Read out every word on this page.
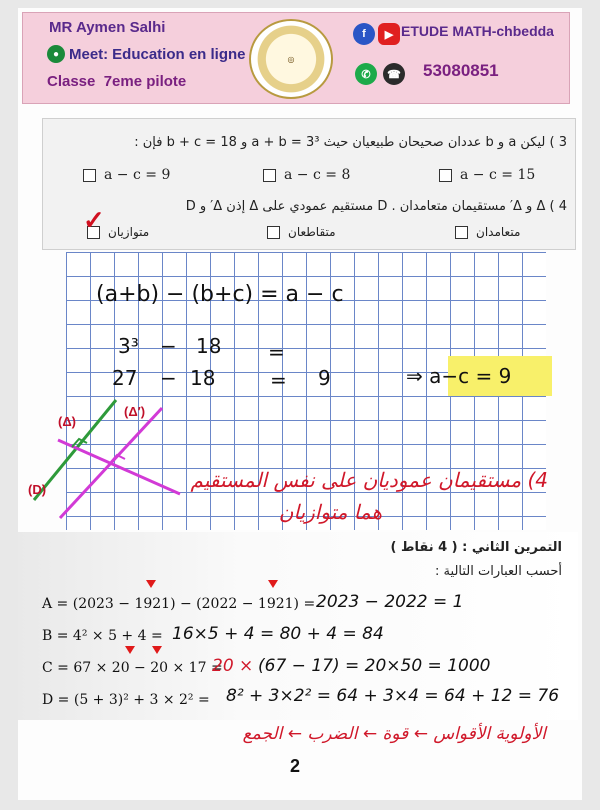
MR Aymen Salhi
● Meet: Education en ligne
Classe 7eme pilote
◎
f	▶
✆	☎
ETUDE MATH-chbedda
53080851
3 ) ليكن a و b عددان صحيحان طبيعيان حيث a + b = 3³ و b + c = 18 فإن :
a − c = 9	a − c = 8	a − c = 15
4 ) Δ و Δ′ مستقيمان متعامدان . D مستقيم عمودي على Δ إذن Δ′ و D
متوازيان	متقاطعان	متعامدان
✓
(a+b) − (b+c) = a − c
3³ − 18 =
27 − 18	= 9	⇒ a−c = 9
(Δ)
(Δ′)
(D)	4) مستقيمان عموديان على نفس المستقيم
هما متوازيان
التمرين الثاني : ( 4 نقاط )
أحسب العبارات التالية :
A = (2023 − 1921) − (2022 − 1921) = 2023 − 2022 = 1
B = 4² × 5 + 4 = 16×5 + 4 = 80 + 4 = 84
C = 67 × 20 − 20 × 17 =
20 × (67 − 17) = 20×50 = 1000
D = (5 + 3)² + 3 × 2² = 8² + 3×2² = 64 + 3×4 = 64 + 12 = 76
الأولوية الأقواس ← قوة ← الضرب ← الجمع
2
